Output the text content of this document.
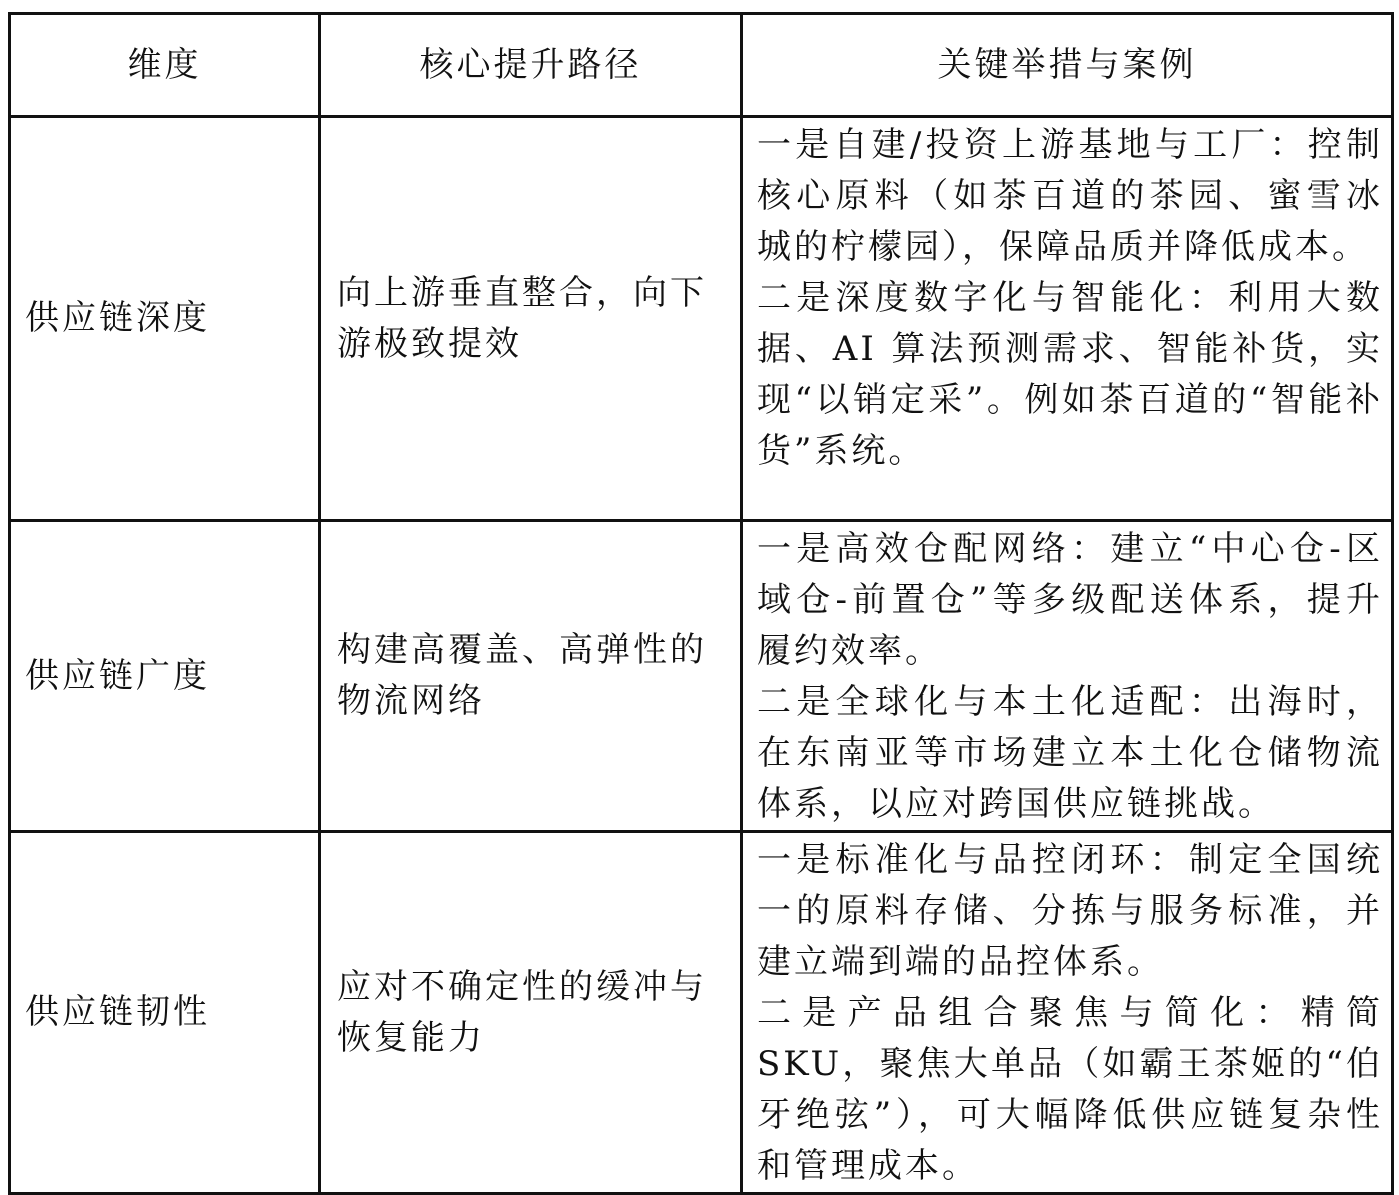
维度	核心提升路径	关键举措与案例
供应链深度	向上游垂直整合，向下游极致提效	一是自建/投资上游基地与工厂：控制核心原料（如茶百道的茶园、蜜雪冰城的柠檬园），保障品质并降低成本。
二是深度数字化与智能化：利用大数据、AI 算法预测需求、智能补货，实现“以销定采”。例如茶百道的“智能补货”系统。

供应链广度	构建高覆盖、高弹性的物流网络	一是高效仓配网络：建立“中心仓-区域仓-前置仓”等多级配送体系，提升履约效率。
二是全球化与本土化适配：出海时，在东南亚等市场建立本土化仓储物流体系，以应对跨国供应链挑战。

供应链韧性	应对不确定性的缓冲与恢复能力	一是标准化与品控闭环：制定全国统一的原料存储、分拣与服务标准，并建立端到端的品控体系。
二是产品组合聚焦与简化：精简 SKU，聚焦大单品（如霸王茶姬的“伯牙绝弦”），可大幅降低供应链复杂性和管理成本。
